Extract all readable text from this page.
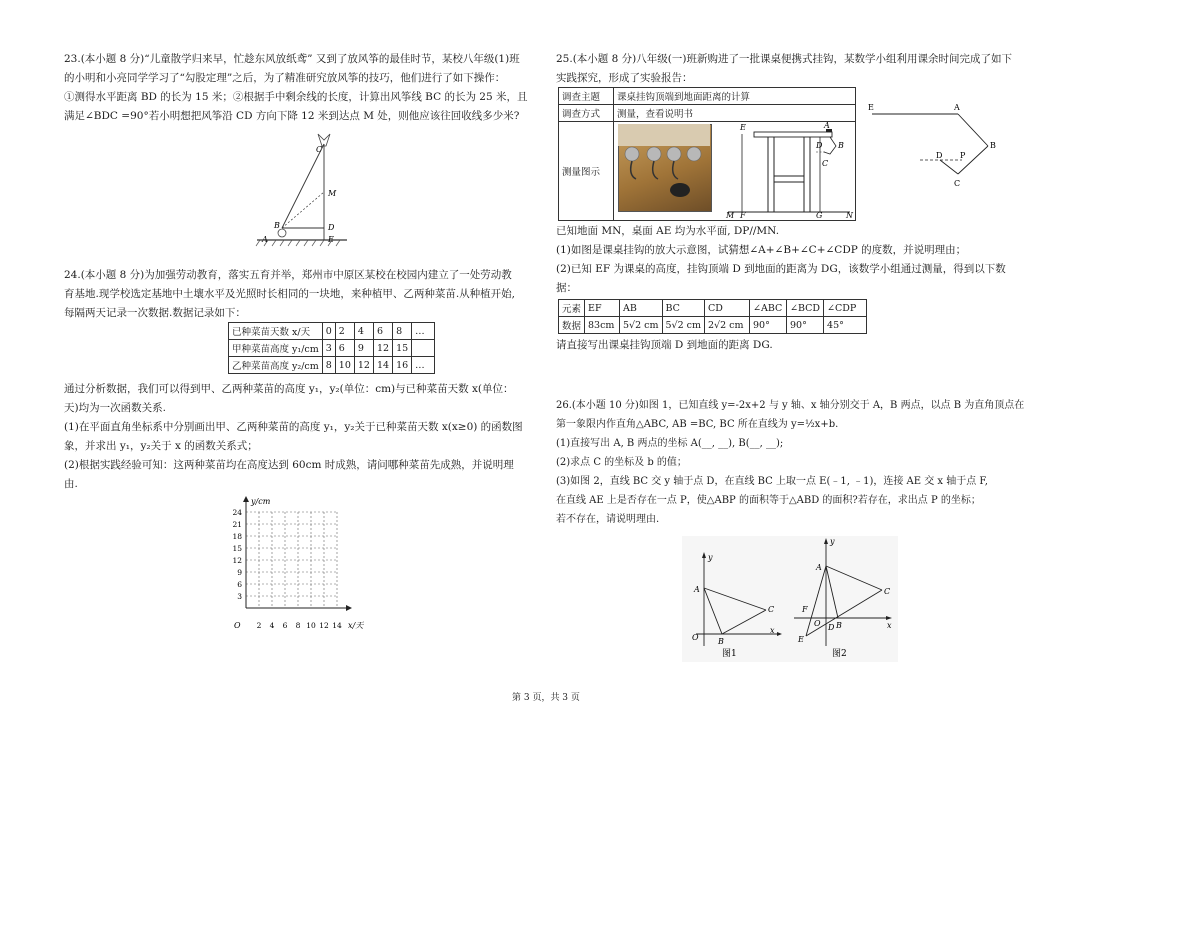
23.(本小题 8 分)“儿童散学归来早，忙趁东风放纸鸢” 又到了放风筝的最佳时节，某校八年级(1)班

的小明和小亮同学学习了“勾股定理”之后，为了精准研究放风筝的技巧，他们进行了如下操作：

①测得水平距离 BD 的长为 15 米；②根据手中剩余线的长度，计算出风筝线 BC 的长为 25 米，且

满足∠BDC =90°若小明想把风筝沿 CD 方向下降 12 米到达点 M 处，则他应该往回收线多少米?

M
C
D
E
B
A

24.(本小题 8 分)为加强劳动教育，落实五育并举，郑州市中原区某校在校园内建立了一处劳动教

育基地.现学校选定基地中土壤水平及光照时长相同的一块地，来种植甲、乙两种菜苗.从种植开始,

每隔两天记录一次数据.数据记录如下：

已种菜苗天数 x/天	0	2	4	6	8	…
甲种菜苗高度 y₁/cm	3	6	9	12	15	
乙种菜苗高度 y₂/cm	8	10	12	14	16	…

通过分析数据，我们可以得到甲、乙两种菜苗的高度 y₁，y₂(单位：cm)与已种菜苗天数 x(单位：

天)均为一次函数关系.

(1)在平面直角坐标系中分别画出甲、乙两种菜苗的高度 y₁，y₂关于已种菜苗天数 x(x≥0) 的函数图

象，并求出 y₁，y₂关于 x 的函数关系式；

(2)根据实践经验可知：这两种菜苗均在高度达到 60cm 时成熟，请问哪种菜苗先成熟，并说明理

由.

y/cm
x/天
O
24
21
18
15
12
9
6
3
2 4 6 8 10 12 14

25.(本小题 8 分)八年级(一)班新购进了一批课桌便携式挂钩，某数学小组利用课余时间完成了如下

实践探究，形成了实验报告：

调查主题	课桌挂钩顶端到地面距离的计算
调查方式	测量，查看说明书
测量图示	
E	A
D B
C
M F	G	N
E	A
B
C
D P

已知地面 MN，桌面 AE 均为水平面, DP//MN.

(1)如图是课桌挂钩的放大示意图，试猜想∠A+∠B+∠C+∠CDP 的度数，并说明理由；

(2)已知 EF 为课桌的高度，挂钩顶端 D 到地面的距离为 DG，该数学小组通过测量，得到以下数

据：

元素	EF	AB	BC	CD	∠ABC	∠BCD	∠CDP
数据	83cm	5√2 cm	5√2 cm	2√2 cm	90°	90°	45°

请直接写出课桌挂钩顶端 D 到地面的距离 DG.

26.(本小题 10 分)如图 1，已知直线 y=-2x+2 与 y 轴、x 轴分别交于 A，B 两点，以点 B 为直角顶点在

第一象限内作直角△ABC, AB =BC, BC 所在直线为 y=½x+b.

(1)直接写出 A, B 两点的坐标 A(__, __), B(__, __);

(2)求点 C 的坐标及 b 的值；

(3)如图 2，直线 BC 交 y 轴于点 D，在直线 BC 上取一点 E(﹣1, ﹣1)，连接 AE 交 x 轴于点 F,

在直线 AE 上是否存在一点 P，使△ABP 的面积等于△ABD 的面积?若存在，求出点 P 的坐标；

若不存在，请说明理由.

y
x
A
B
C
O
图1
y
x
A
C
B
D
O
E
F
图2
第 3 页，共 3 页
